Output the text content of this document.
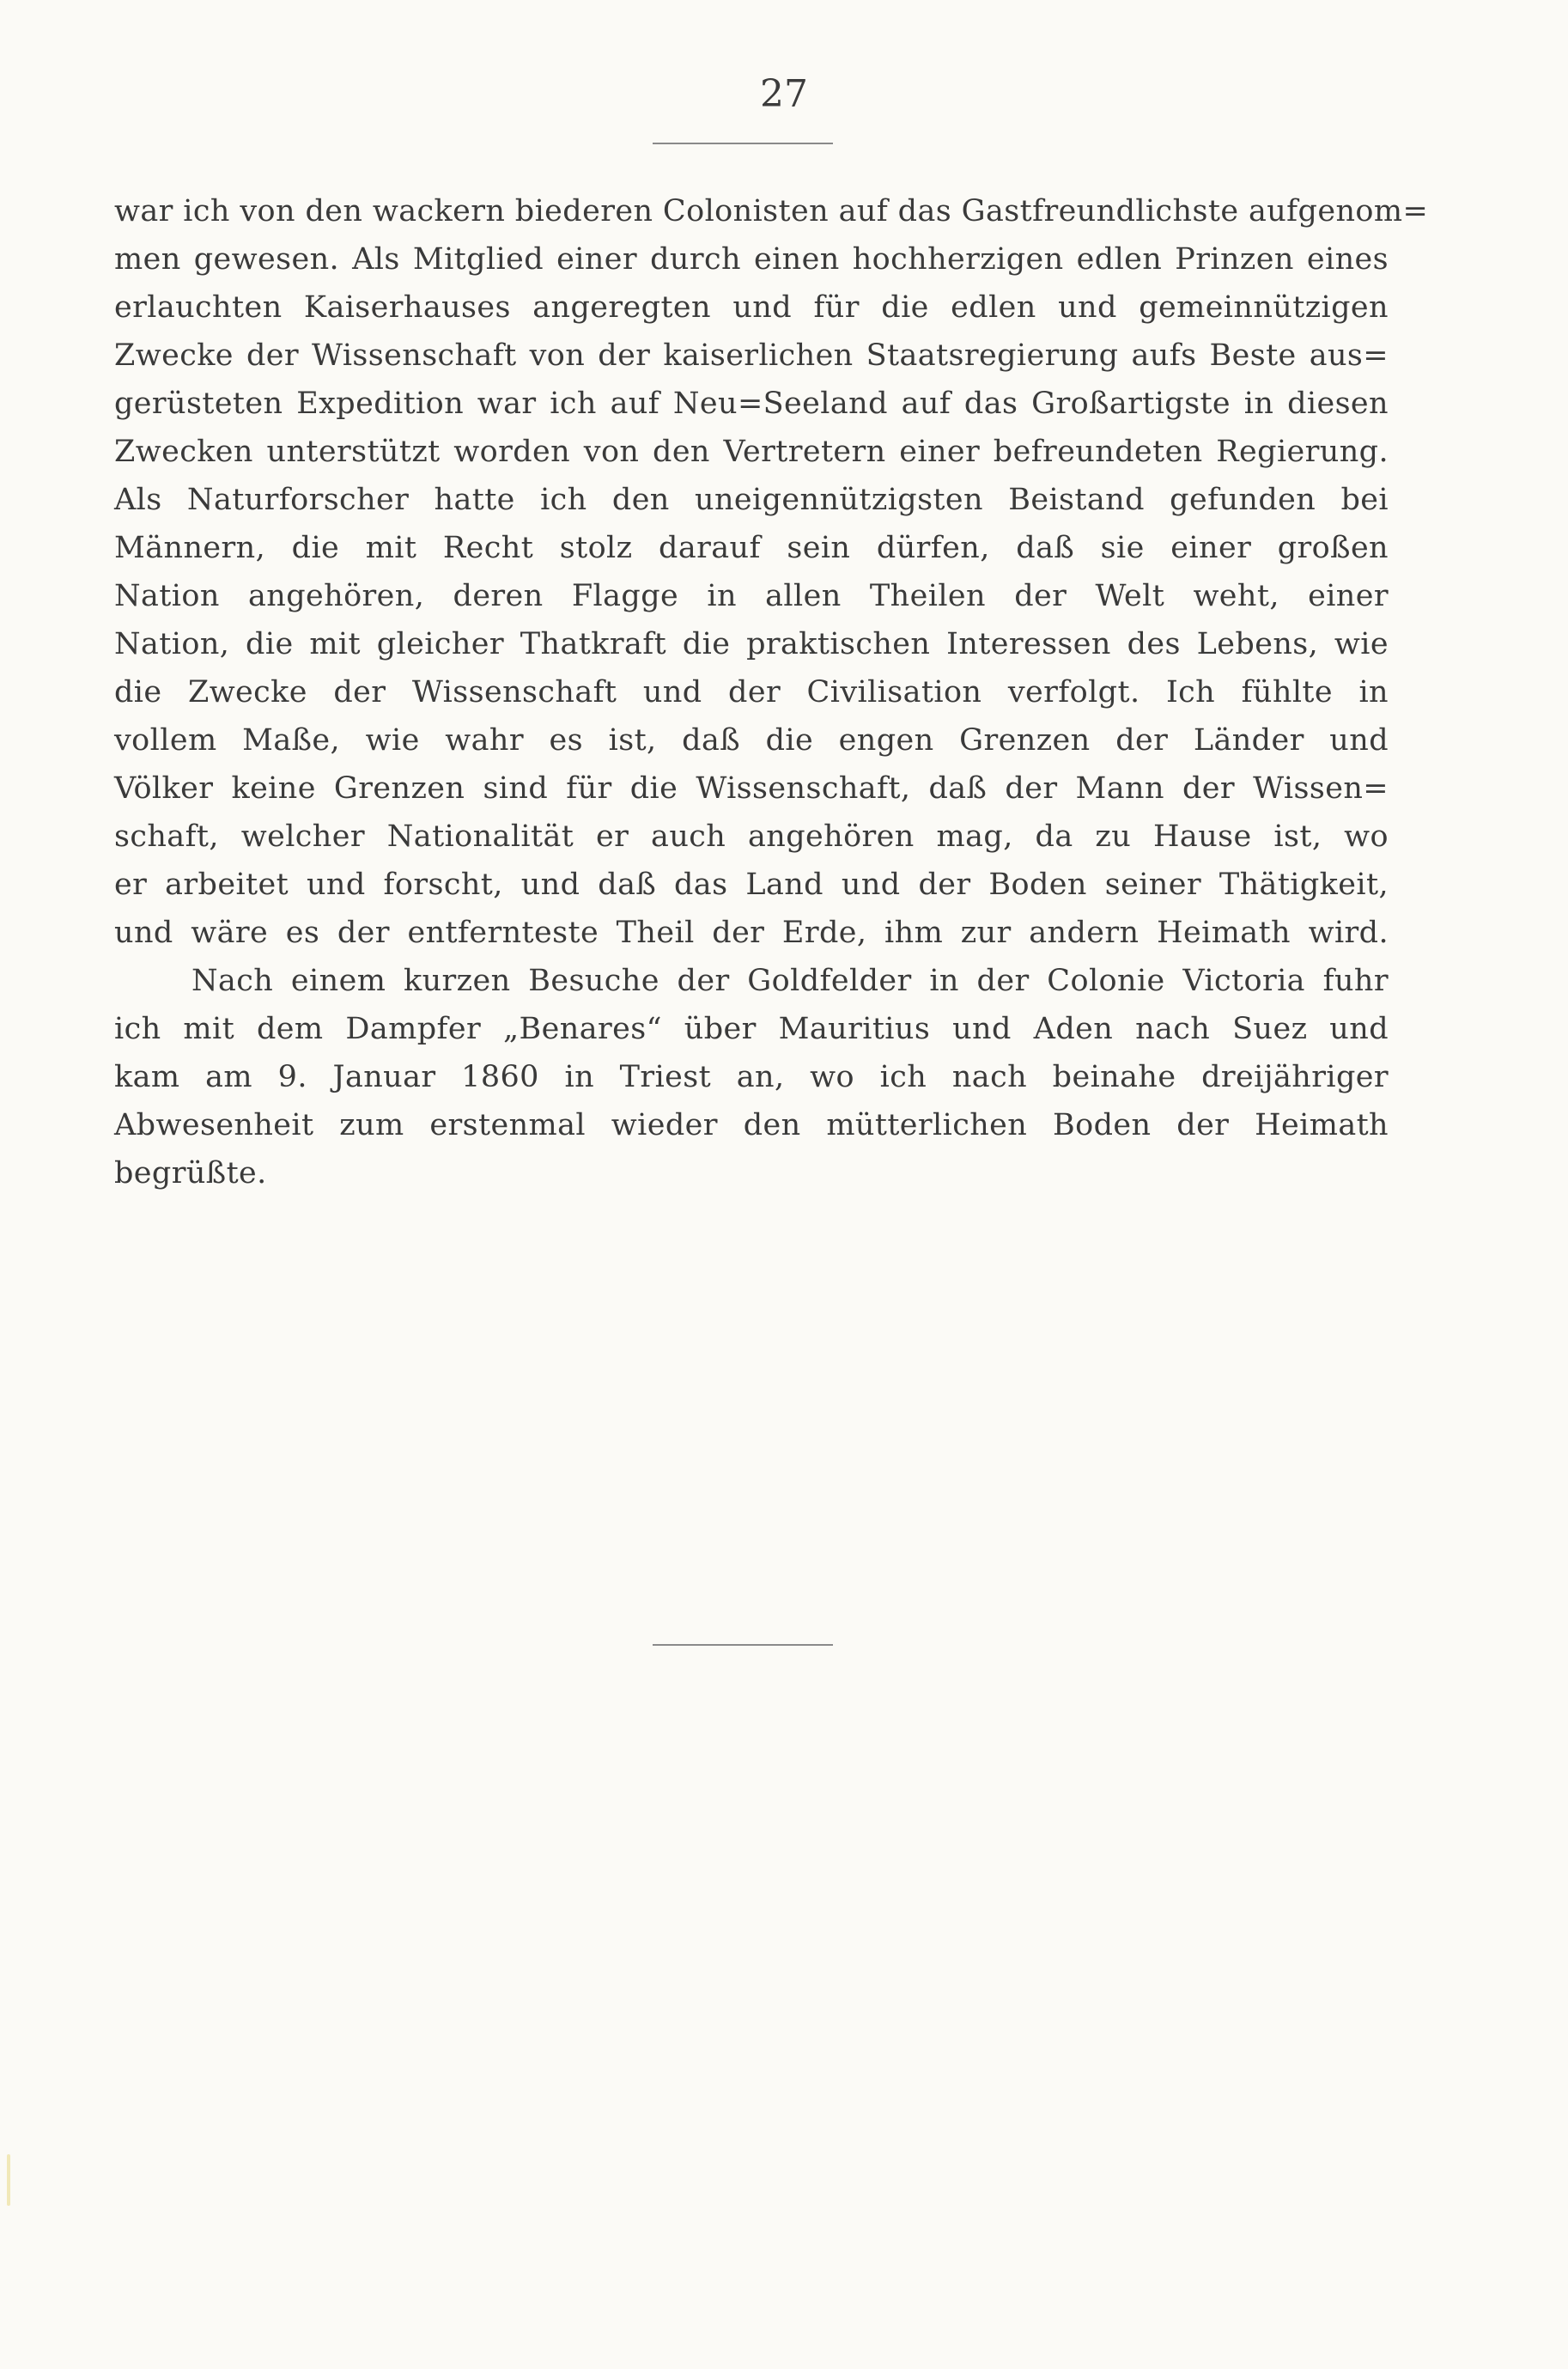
27
war ich von den wackern biederen Colonisten auf das Gastfreundlichste aufgenom=
men gewesen. Als Mitglied einer durch einen hochherzigen edlen Prinzen eines
erlauchten Kaiserhauses angeregten und für die edlen und gemeinnützigen
Zwecke der Wissenschaft von der kaiserlichen Staatsregierung aufs Beste aus=
gerüsteten Expedition war ich auf Neu=Seeland auf das Großartigste in diesen
Zwecken unterstützt worden von den Vertretern einer befreundeten Regierung.
Als Naturforscher hatte ich den uneigennützigsten Beistand gefunden bei
Männern, die mit Recht stolz darauf sein dürfen, daß sie einer großen
Nation angehören, deren Flagge in allen Theilen der Welt weht, einer
Nation, die mit gleicher Thatkraft die praktischen Interessen des Lebens, wie
die Zwecke der Wissenschaft und der Civilisation verfolgt. Ich fühlte in
vollem Maße, wie wahr es ist, daß die engen Grenzen der Länder und
Völker keine Grenzen sind für die Wissenschaft, daß der Mann der Wissen=
schaft, welcher Nationalität er auch angehören mag, da zu Hause ist, wo
er arbeitet und forscht, und daß das Land und der Boden seiner Thätigkeit,
und wäre es der entfernteste Theil der Erde, ihm zur andern Heimath wird.
Nach einem kurzen Besuche der Goldfelder in der Colonie Victoria fuhr
ich mit dem Dampfer „Benares“ über Mauritius und Aden nach Suez und
kam am 9. Januar 1860 in Triest an, wo ich nach beinahe dreijähriger
Abwesenheit zum erstenmal wieder den mütterlichen Boden der Heimath
begrüßte.
